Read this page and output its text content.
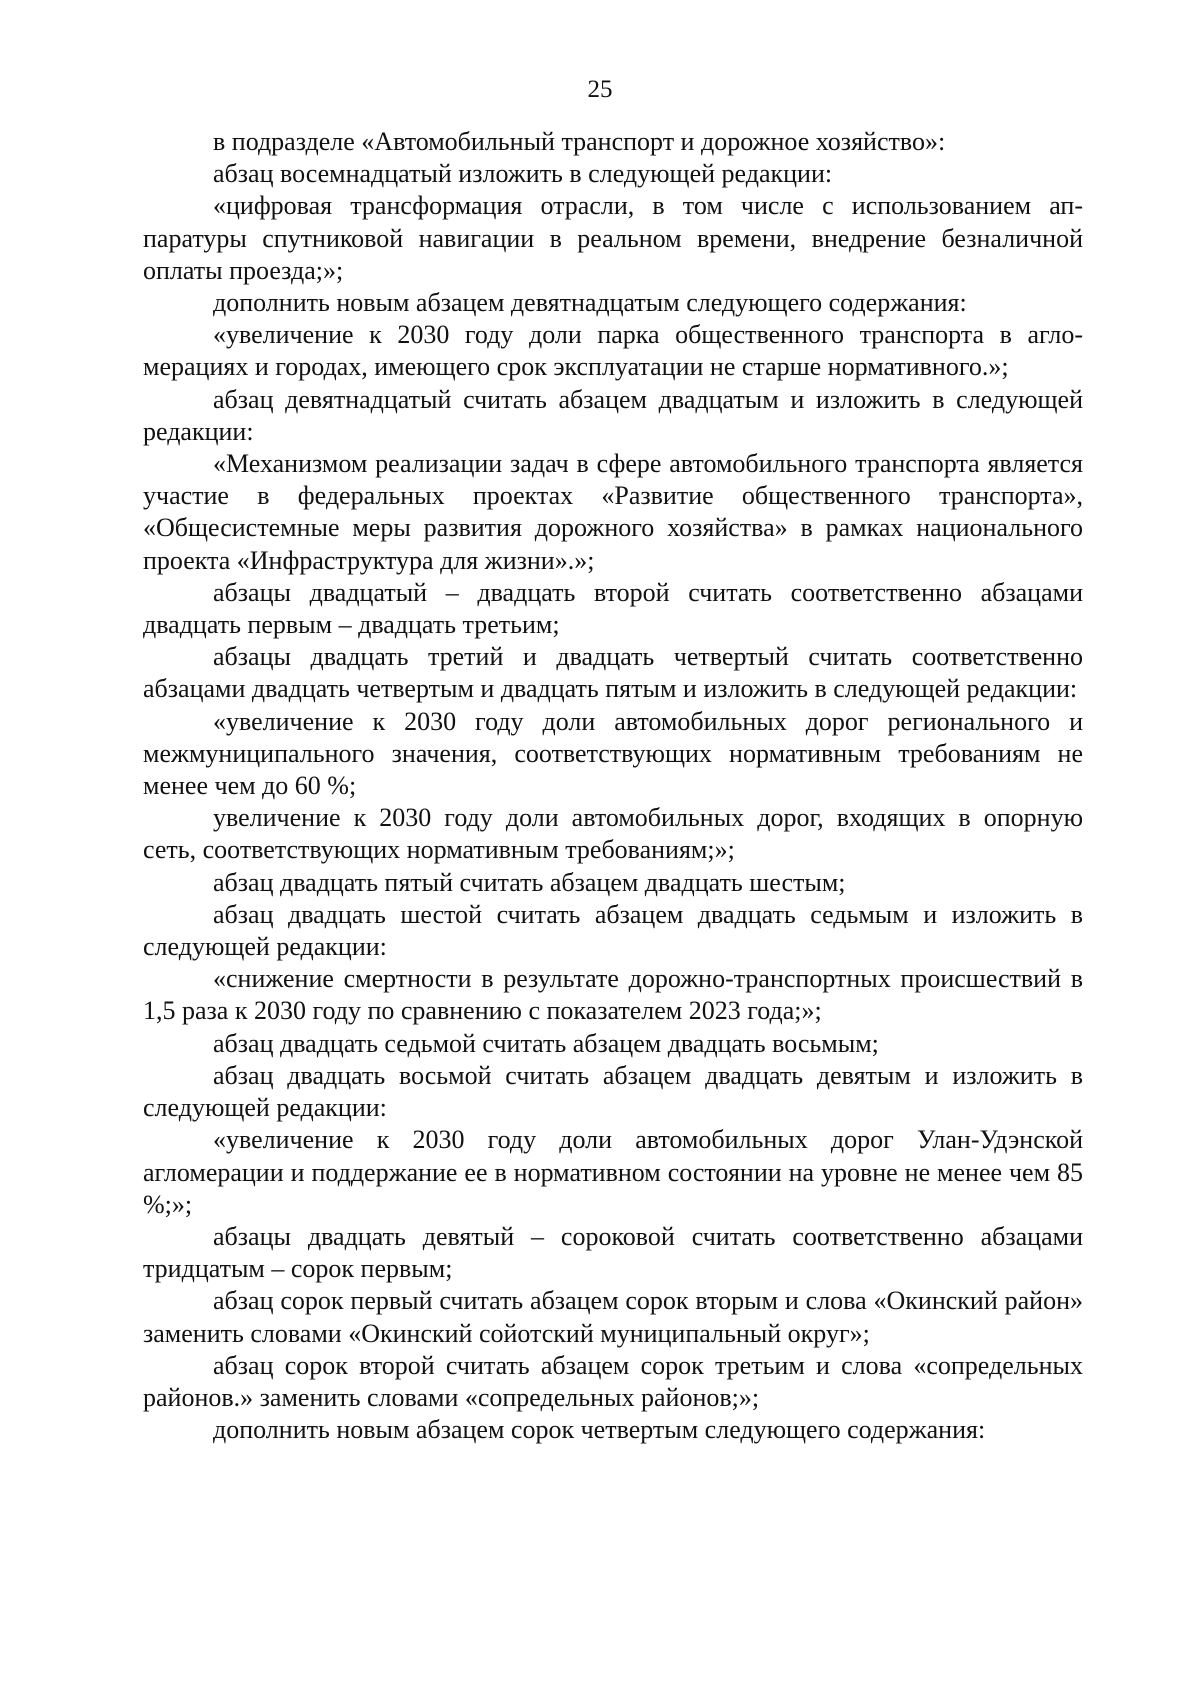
25

в подразделе «Автомобильный транспорт и дорожное хозяйство»:

абзац восемнадцатый изложить в следующей редакции:

«цифровая трансформация отрасли, в том числе с использованием аппаратуры спутниковой навигации в реальном времени, внедрение безналичной оплаты проезда;»;

дополнить новым абзацем девятнадцатым следующего содержания:

«увеличение к 2030 году доли парка общественного транспорта в агломерациях и городах, имеющего срок эксплуатации не старше нормативного.»;

абзац девятнадцатый считать абзацем двадцатым и изложить в следующей редакции:

«Механизмом реализации задач в сфере автомобильного транспорта является участие в федеральных проектах «Развитие общественного транспорта», «Общесистемные меры развития дорожного хозяйства» в рамках национального проекта «Инфраструктура для жизни».»;

абзацы двадцатый – двадцать второй считать соответственно абзацами двадцать первым – двадцать третьим;

абзацы двадцать третий и двадцать четвертый считать соответственно абзацами двадцать четвертым и двадцать пятым и изложить в следующей редакции:

«увеличение к 2030 году доли автомобильных дорог регионального и межмуниципального значения, соответствующих нормативным требованиям не менее чем до 60 %;

увеличение к 2030 году доли автомобильных дорог, входящих в опорную сеть, соответствующих нормативным требованиям;»;

абзац двадцать пятый считать абзацем двадцать шестым;

абзац двадцать шестой считать абзацем двадцать седьмым и изложить в следующей редакции:

«снижение смертности в результате дорожно-транспортных происшествий в 1,5 раза к 2030 году по сравнению с показателем 2023 года;»;

абзац двадцать седьмой считать абзацем двадцать восьмым;

абзац двадцать восьмой считать абзацем двадцать девятым и изложить в следующей редакции:

«увеличение к 2030 году доли автомобильных дорог Улан-Удэнской агломерации и поддержание ее в нормативном состоянии на уровне не менее чем 85 %;»;

абзацы двадцать девятый – сороковой считать соответственно абзацами тридцатым – сорок первым;

абзац сорок первый считать абзацем сорок вторым и слова «Окинский район» заменить словами «Окинский сойотский муниципальный округ»;

абзац сорок второй считать абзацем сорок третьим и слова «сопредельных районов.» заменить словами «сопредельных районов;»;

дополнить новым абзацем сорок четвертым следующего содержания:
